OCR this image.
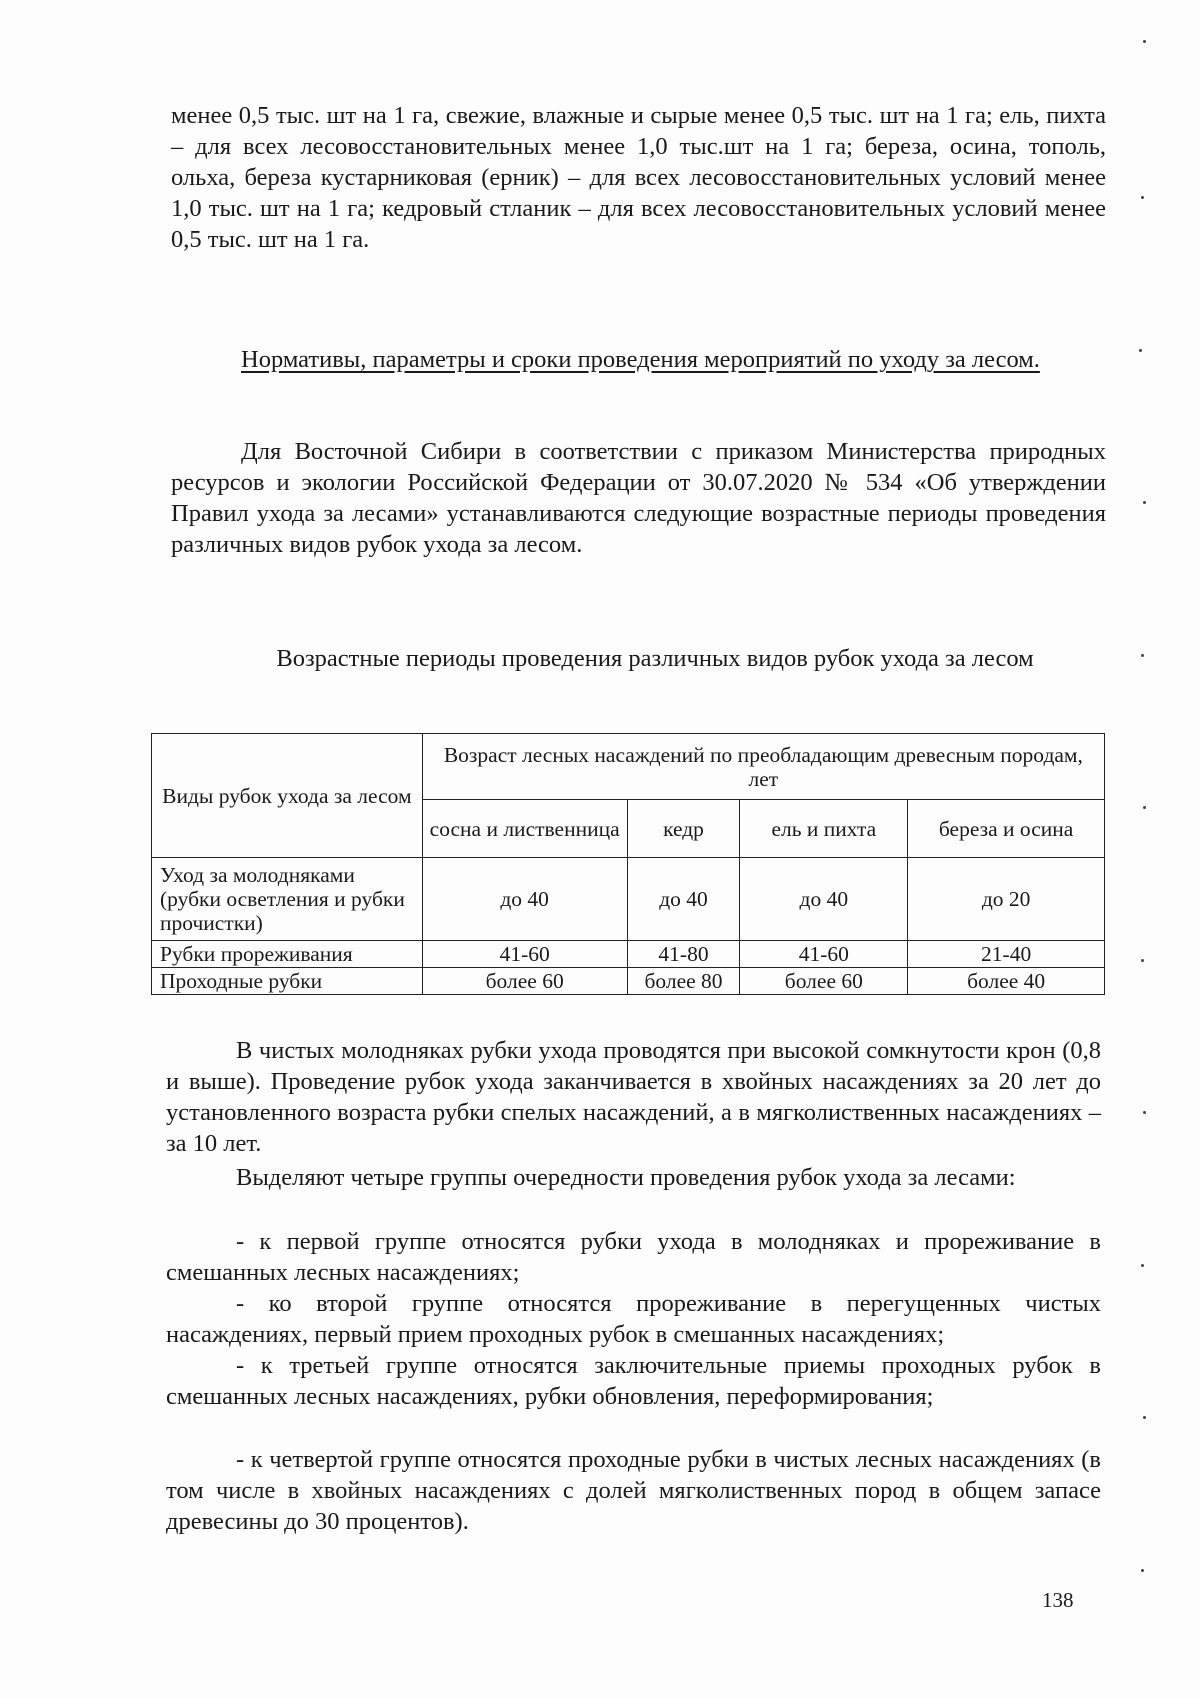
менее 0,5 тыс. шт на 1 га, свежие, влажные и сырые менее 0,5 тыс. шт на 1 га; ель, пихта – для всех лесовосстановительных менее 1,0 тыс.шт на 1 га; береза, осина, тополь, ольха, береза кустарниковая (ерник) – для всех лесовосстановительных условий менее 1,0 тыс. шт на 1 га; кедровый стланик – для всех лесовосстановительных условий менее 0,5 тыс. шт на 1 га.

Нормативы, параметры и сроки проведения мероприятий по уходу за лесом.

Для Восточной Сибири в соответствии с приказом Министерства природных ресурсов и экологии Российской Федерации от 30.07.2020 № 534 «Об утверждении Правил ухода за лесами» устанавливаются следующие возрастные периоды проведения различных видов рубок ухода за лесом.

Возрастные периоды проведения различных видов рубок ухода за лесом

Виды рубок ухода за лесом	Возраст лесных насаждений по преобладающим древесным породам, лет			
	сосна и лиственница	кедр	ель и пихта	береза и осина
Уход за молодняками (рубки осветления и рубки прочистки)	до 40	до 40	до 40	до 20
Рубки прореживания	41-60	41-80	41-60	21-40
Проходные рубки	более 60	более 80	более 60	более 40

В чистых молодняках рубки ухода проводятся при высокой сомкнутости крон (0,8 и выше). Проведение рубок ухода заканчивается в хвойных насаждениях за 20 лет до установленного возраста рубки спелых насаждений, а в мягколиственных насаждениях – за 10 лет.

Выделяют четыре группы очередности проведения рубок ухода за лесами:

- к первой группе относятся рубки ухода в молодняках и прореживание в смешанных лесных насаждениях;

- ко второй группе относятся прореживание в перегущенных чистых насаждениях, первый прием проходных рубок в смешанных насаждениях;

- к третьей группе относятся заключительные приемы проходных рубок в смешанных лесных насаждениях, рубки обновления, переформирования;

- к четвертой группе относятся проходные рубки в чистых лесных насаждениях (в том числе в хвойных насаждениях с долей мягколиственных пород в общем запасе древесины до 30 процентов).

138
